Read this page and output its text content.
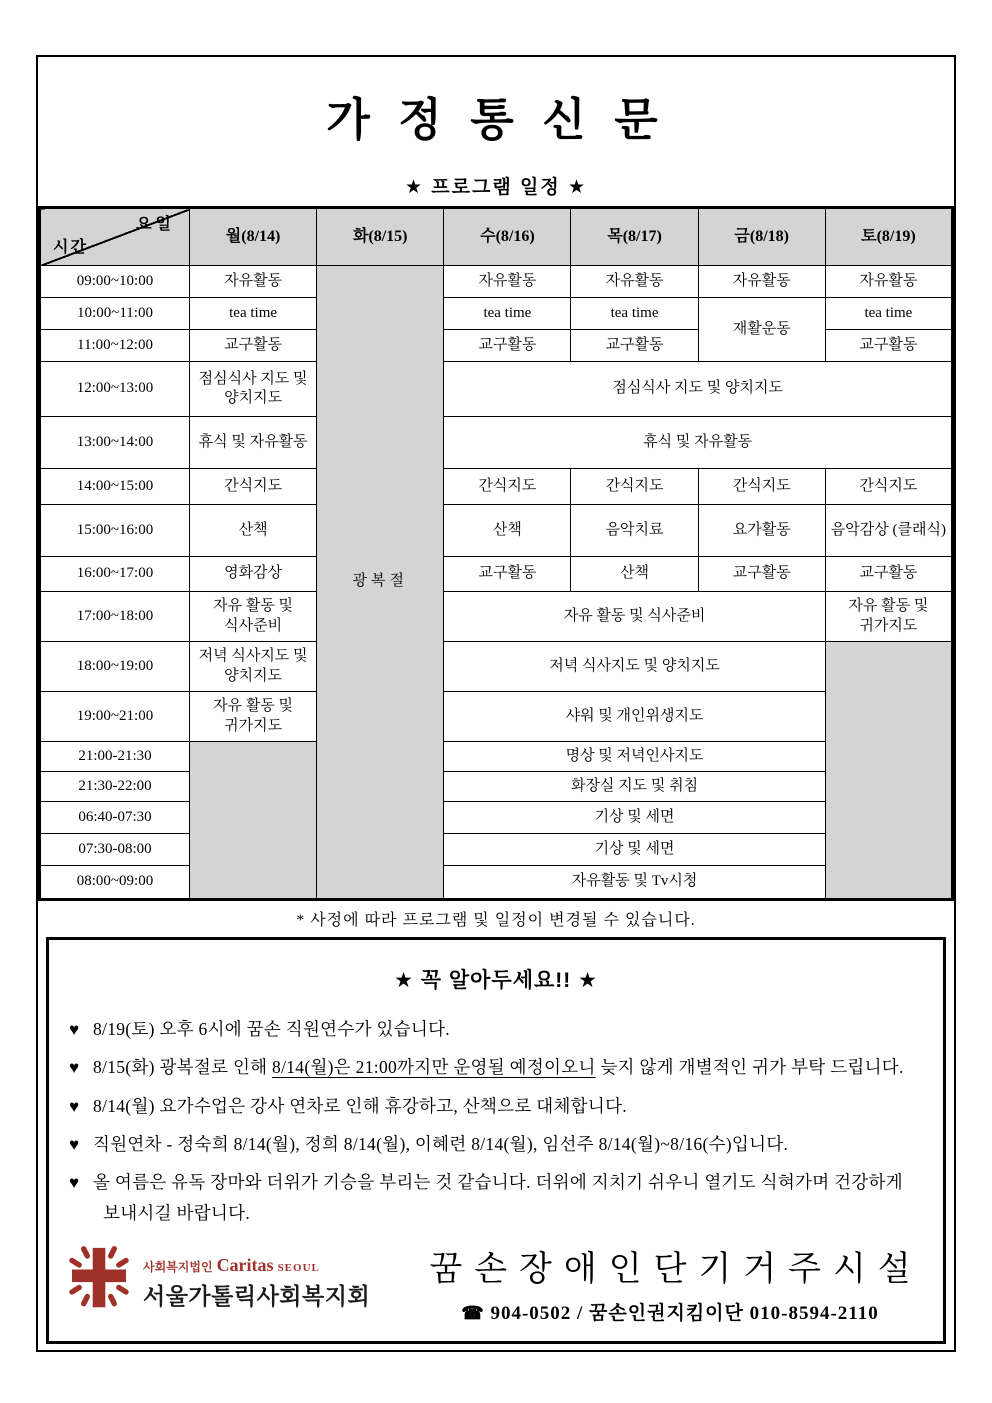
가 정 통 신 문
★ 프로그램 일정 ★
요일
시간	월(8/14)	화(8/15)	수(8/16)	목(8/17)	금(8/18)	토(8/19)
09:00~10:00	자유활동	광복절	자유활동	자유활동	자유활동	자유활동
10:00~11:00	tea time		tea time	tea time	재활운동	tea time
11:00~12:00	교구활동		교구활동	교구활동		교구활동
12:00~13:00	점심식사 지도 및 양치지도		점심식사 지도 및 양치지도			
13:00~14:00	휴식 및 자유활동		휴식 및 자유활동			
14:00~15:00	간식지도		간식지도	간식지도	간식지도	간식지도
15:00~16:00	산책		산책	음악치료	요가활동	음악감상 (클래식)
16:00~17:00	영화감상		교구활동	산책	교구활동	교구활동
17:00~18:00	자유 활동 및 식사준비		자유 활동 및 식사준비			자유 활동 및 귀가지도
18:00~19:00	저녁 식사지도 및 양치지도		저녁 식사지도 및 양치지도			
19:00~21:00	자유 활동 및 귀가지도		샤워 및 개인위생지도			
21:00-21:30			명상 및 저녁인사지도			
21:30-22:00			화장실 지도 및 취침			
06:40-07:30			기상 및 세면			
07:30-08:00			기상 및 세면			
08:00~09:00			자유활동 및 Tv시청			
* 사정에 따라 프로그램 및 일정이 변경될 수 있습니다.
★ 꼭 알아두세요!! ★
♥ 8/19(토) 오후 6시에 꿈손 직원연수가 있습니다.
♥ 8/15(화) 광복절로 인해 8/14(월)은 21:00까지만 운영될 예정이오니 늦지 않게 개별적인 귀가 부탁 드립니다.
♥ 8/14(월) 요가수업은 강사 연차로 인해 휴강하고, 산책으로 대체합니다.
♥ 직원연차 - 정숙희 8/14(월), 정희 8/14(월), 이혜련 8/14(월), 임선주 8/14(월)~8/16(수)입니다.
♥ 올 여름은 유독 장마와 더위가 기승을 부리는 것 같습니다. 더위에 지치기 쉬우니 열기도 식혀가며 건강하게 보내시길 바랍니다.
사회복지법인 Caritas SEOUL
서울가톨릭사회복지회
꿈손장애인단기거주시설
☎ 904-0502 / 꿈손인권지킴이단 010-8594-2110
